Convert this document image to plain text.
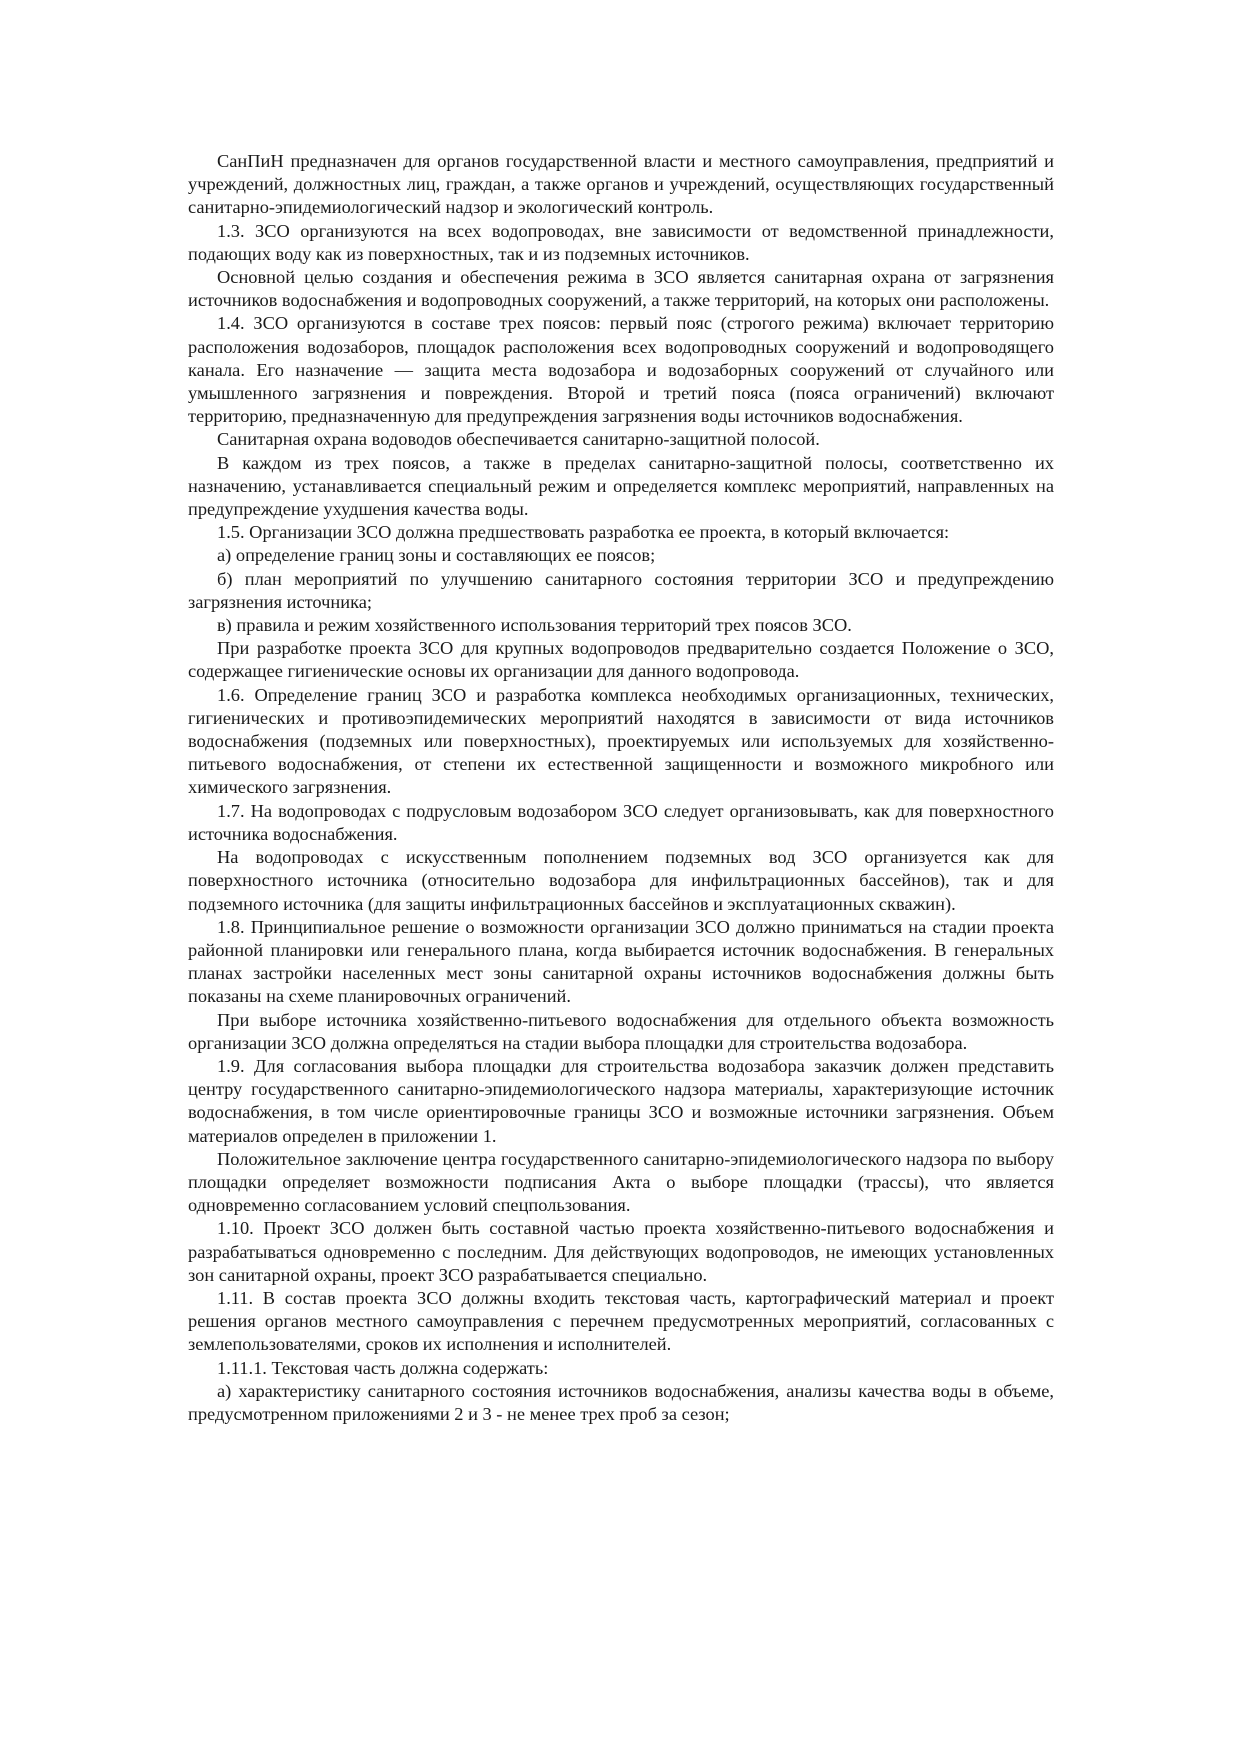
СанПиН предназначен для органов государственной власти и местного самоуправления, предприятий и учреждений, должностных лиц, граждан, а также органов и учреждений, осуществляющих государственный санитарно-эпидемиологический надзор и экологический контроль.

1.3. ЗСО организуются на всех водопроводах, вне зависимости от ведомственной принадлежности, подающих воду как из поверхностных, так и из подземных источников.

Основной целью создания и обеспечения режима в ЗСО является санитарная охрана от загрязнения источников водоснабжения и водопроводных сооружений, а также территорий, на которых они расположены.

1.4. ЗСО организуются в составе трех поясов: первый пояс (строгого режима) включает территорию расположения водозаборов, площадок расположения всех водопроводных сооружений и водопроводящего канала. Его назначение — защита места водозабора и водозаборных сооружений от случайного или умышленного загрязнения и повреждения. Второй и третий пояса (пояса ограничений) включают территорию, предназначенную для предупреждения загрязнения воды источников водоснабжения.

Санитарная охрана водоводов обеспечивается санитарно-защитной полосой.

В каждом из трех поясов, а также в пределах санитарно-защитной полосы, соответственно их назначению, устанавливается специальный режим и определяется комплекс мероприятий, направленных на предупреждение ухудшения качества воды.

1.5. Организации ЗСО должна предшествовать разработка ее проекта, в который включается:

а) определение границ зоны и составляющих ее поясов;

б) план мероприятий по улучшению санитарного состояния территории ЗСО и предупреждению загрязнения источника;

в) правила и режим хозяйственного использования территорий трех поясов ЗСО.

При разработке проекта ЗСО для крупных водопроводов предварительно создается Положение о ЗСО, содержащее гигиенические основы их организации для данного водопровода.

1.6. Определение границ ЗСО и разработка комплекса необходимых организационных, технических, гигиенических и противоэпидемических мероприятий находятся в зависимости от вида источников водоснабжения (подземных или поверхностных), проектируемых или используемых для хозяйственно-питьевого водоснабжения, от степени их естественной защищенности и возможного микробного или химического загрязнения.

1.7. На водопроводах с подрусловым водозабором ЗСО следует организовывать, как для поверхностного источника водоснабжения.

На водопроводах с искусственным пополнением подземных вод ЗСО организуется как для поверхностного источника (относительно водозабора для инфильтрационных бассейнов), так и для подземного источника (для защиты инфильтрационных бассейнов и эксплуатационных скважин).

1.8. Принципиальное решение о возможности организации ЗСО должно приниматься на стадии проекта районной планировки или генерального плана, когда выбирается источник водоснабжения. В генеральных планах застройки населенных мест зоны санитарной охраны источников водоснабжения должны быть показаны на схеме планировочных ограничений.

При выборе источника хозяйственно-питьевого водоснабжения для отдельного объекта возможность организации ЗСО должна определяться на стадии выбора площадки для строительства водозабора.

1.9. Для согласования выбора площадки для строительства водозабора заказчик должен представить центру государственного санитарно-эпидемиологического надзора материалы, характеризующие источник водоснабжения, в том числе ориентировочные границы ЗСО и возможные источники загрязнения. Объем материалов определен в приложении 1.

Положительное заключение центра государственного санитарно-эпидемиологического надзора по выбору площадки определяет возможности подписания Акта о выборе площадки (трассы), что является одновременно согласованием условий спецпользования.

1.10. Проект ЗСО должен быть составной частью проекта хозяйственно-питьевого водоснабжения и разрабатываться одновременно с последним. Для действующих водопроводов, не имеющих установленных зон санитарной охраны, проект ЗСО разрабатывается специально.

1.11. В состав проекта ЗСО должны входить текстовая часть, картографический материал и проект решения органов местного самоуправления с перечнем предусмотренных мероприятий, согласованных с землепользователями, сроков их исполнения и исполнителей.

1.11.1. Текстовая часть должна содержать:

а) характеристику санитарного состояния источников водоснабжения, анализы качества воды в объеме, предусмотренном приложениями 2 и 3 - не менее трех проб за сезон;
